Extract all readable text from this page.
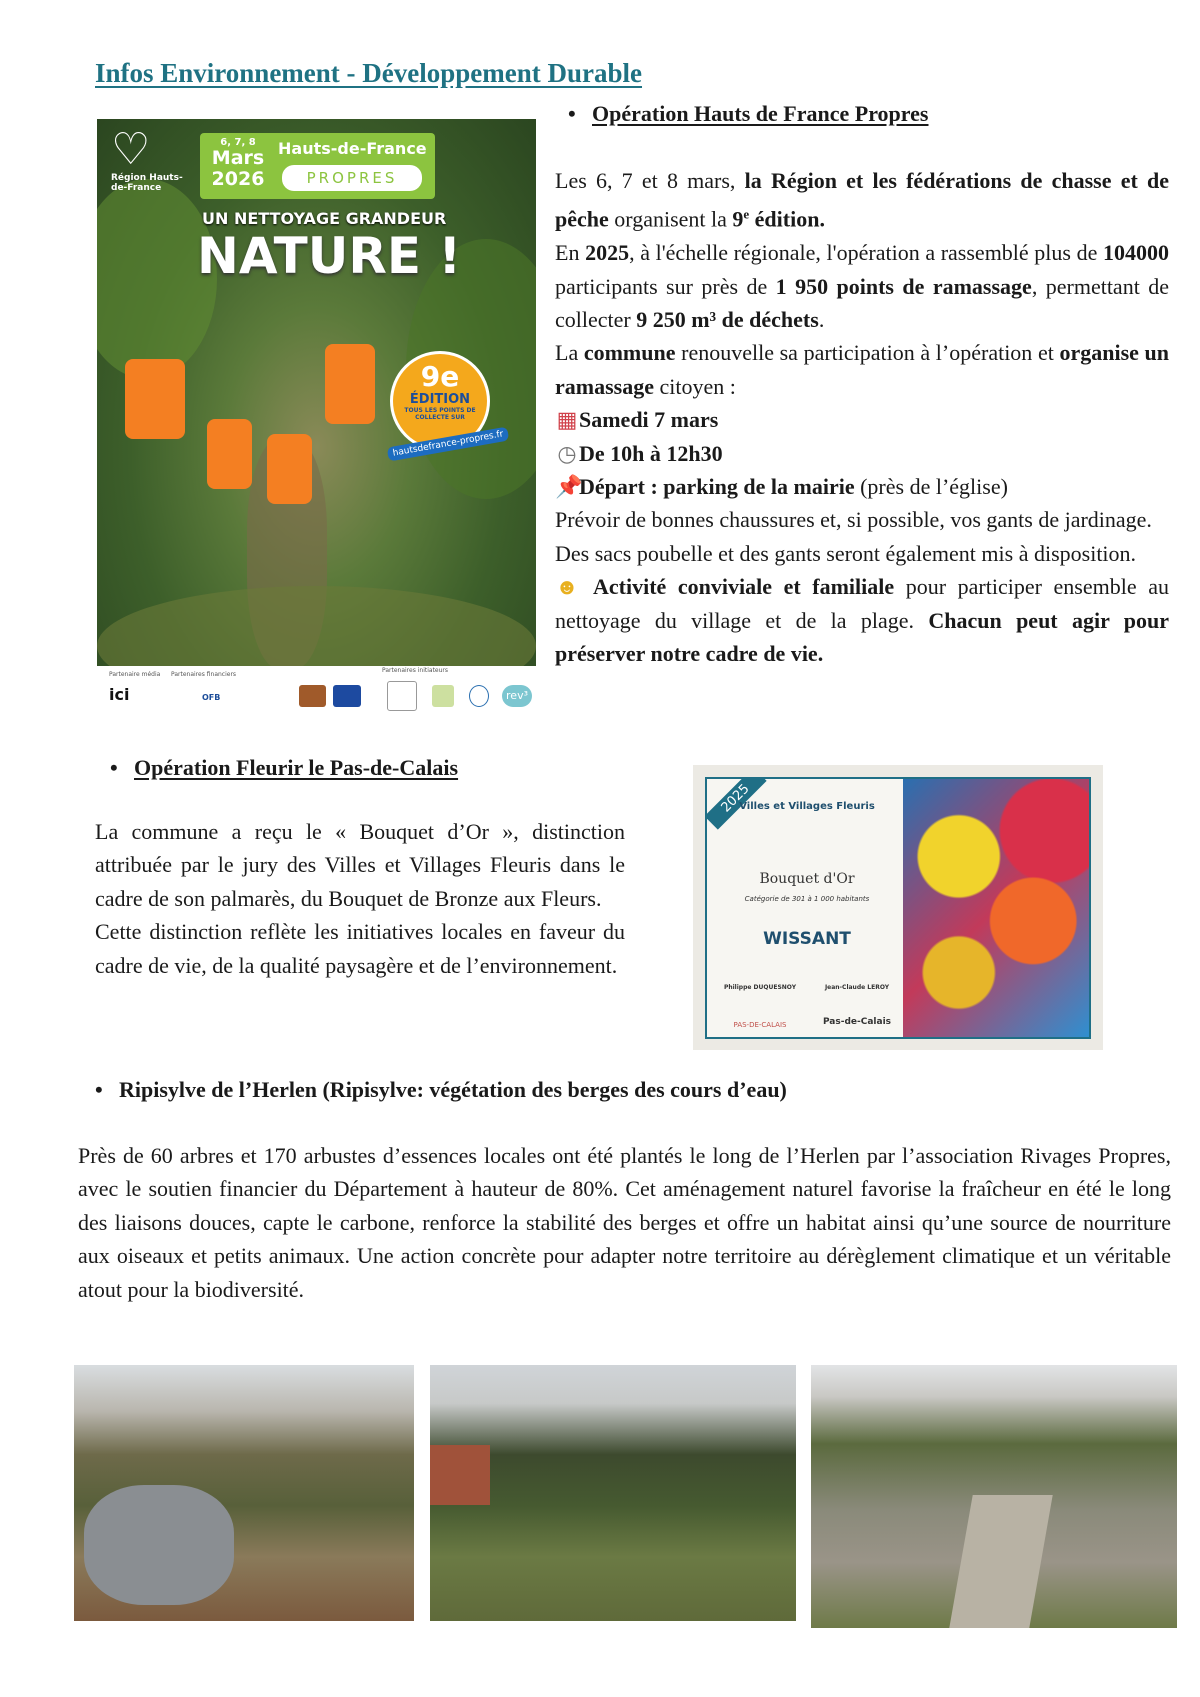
Infos Environnement - Développement Durable
♡
Région Hauts-de-France
6, 7, 8
Mars
2026
Hauts-de-France
PROPRES
UN NETTOYAGE GRANDEUR
NATURE !
9e
ÉDITION
TOUS LES POINTS DE COLLECTE SUR
hautsdefrance-propres.fr
Partenaire média Partenaires financiers
Partenaires initiateurs
ici	OFB	rev³
• Opération Hauts de France Propres
Les 6, 7 et 8 mars, la Région et les fédérations de chasse et de pêche organisent la 9e édition.
En 2025, à l'échelle régionale, l'opération a rassemblé plus de 104000 participants sur près de 1 950 points de ramassage, permettant de collecter 9 250 m³ de déchets.
La commune renouvelle sa participation à l’opération et organise un ramassage citoyen :
▦Samedi 7 mars
◷ De 10h à 12h30
📌Départ : parking de la mairie (près de l’église)
Prévoir de bonnes chaussures et, si possible, vos gants de jardinage.
Des sacs poubelle et des gants seront également mis à disposition.
☻ Activité conviviale et familiale pour participer ensemble au nettoyage du village et de la plage. Chacun peut agir pour préserver notre cadre de vie.
• Opération Fleurir le Pas-de-Calais
La commune a reçu le « Bouquet d’Or », distinction attribuée par le jury des Villes et Villages Fleuris dans le cadre de son palmarès, du Bouquet de Bronze aux Fleurs.
Cette distinction reflète les initiatives locales en faveur du cadre de vie, de la qualité paysagère et de l’environnement.
2025
Villes et Villages Fleuris
Bouquet d'Or
Catégorie de 301 à 1 000 habitants
WISSANT
Philippe DUQUESNOY	Jean-Claude LEROY
PAS-DE-CALAIS	Pas-de-Calais
• Ripisylve de l’Herlen (Ripisylve: végétation des berges des cours d’eau)
Près de 60 arbres et 170 arbustes d’essences locales ont été plantés le long de l’Herlen par l’association Rivages Propres, avec le soutien financier du Département à hauteur de 80%. Cet aménagement naturel favorise la fraîcheur en été le long des liaisons douces, capte le carbone, renforce la stabilité des berges et offre un habitat ainsi qu’une source de nourriture aux oiseaux et petits animaux. Une action concrète pour adapter notre territoire au dérèglement climatique et un véritable atout pour la biodiversité.
